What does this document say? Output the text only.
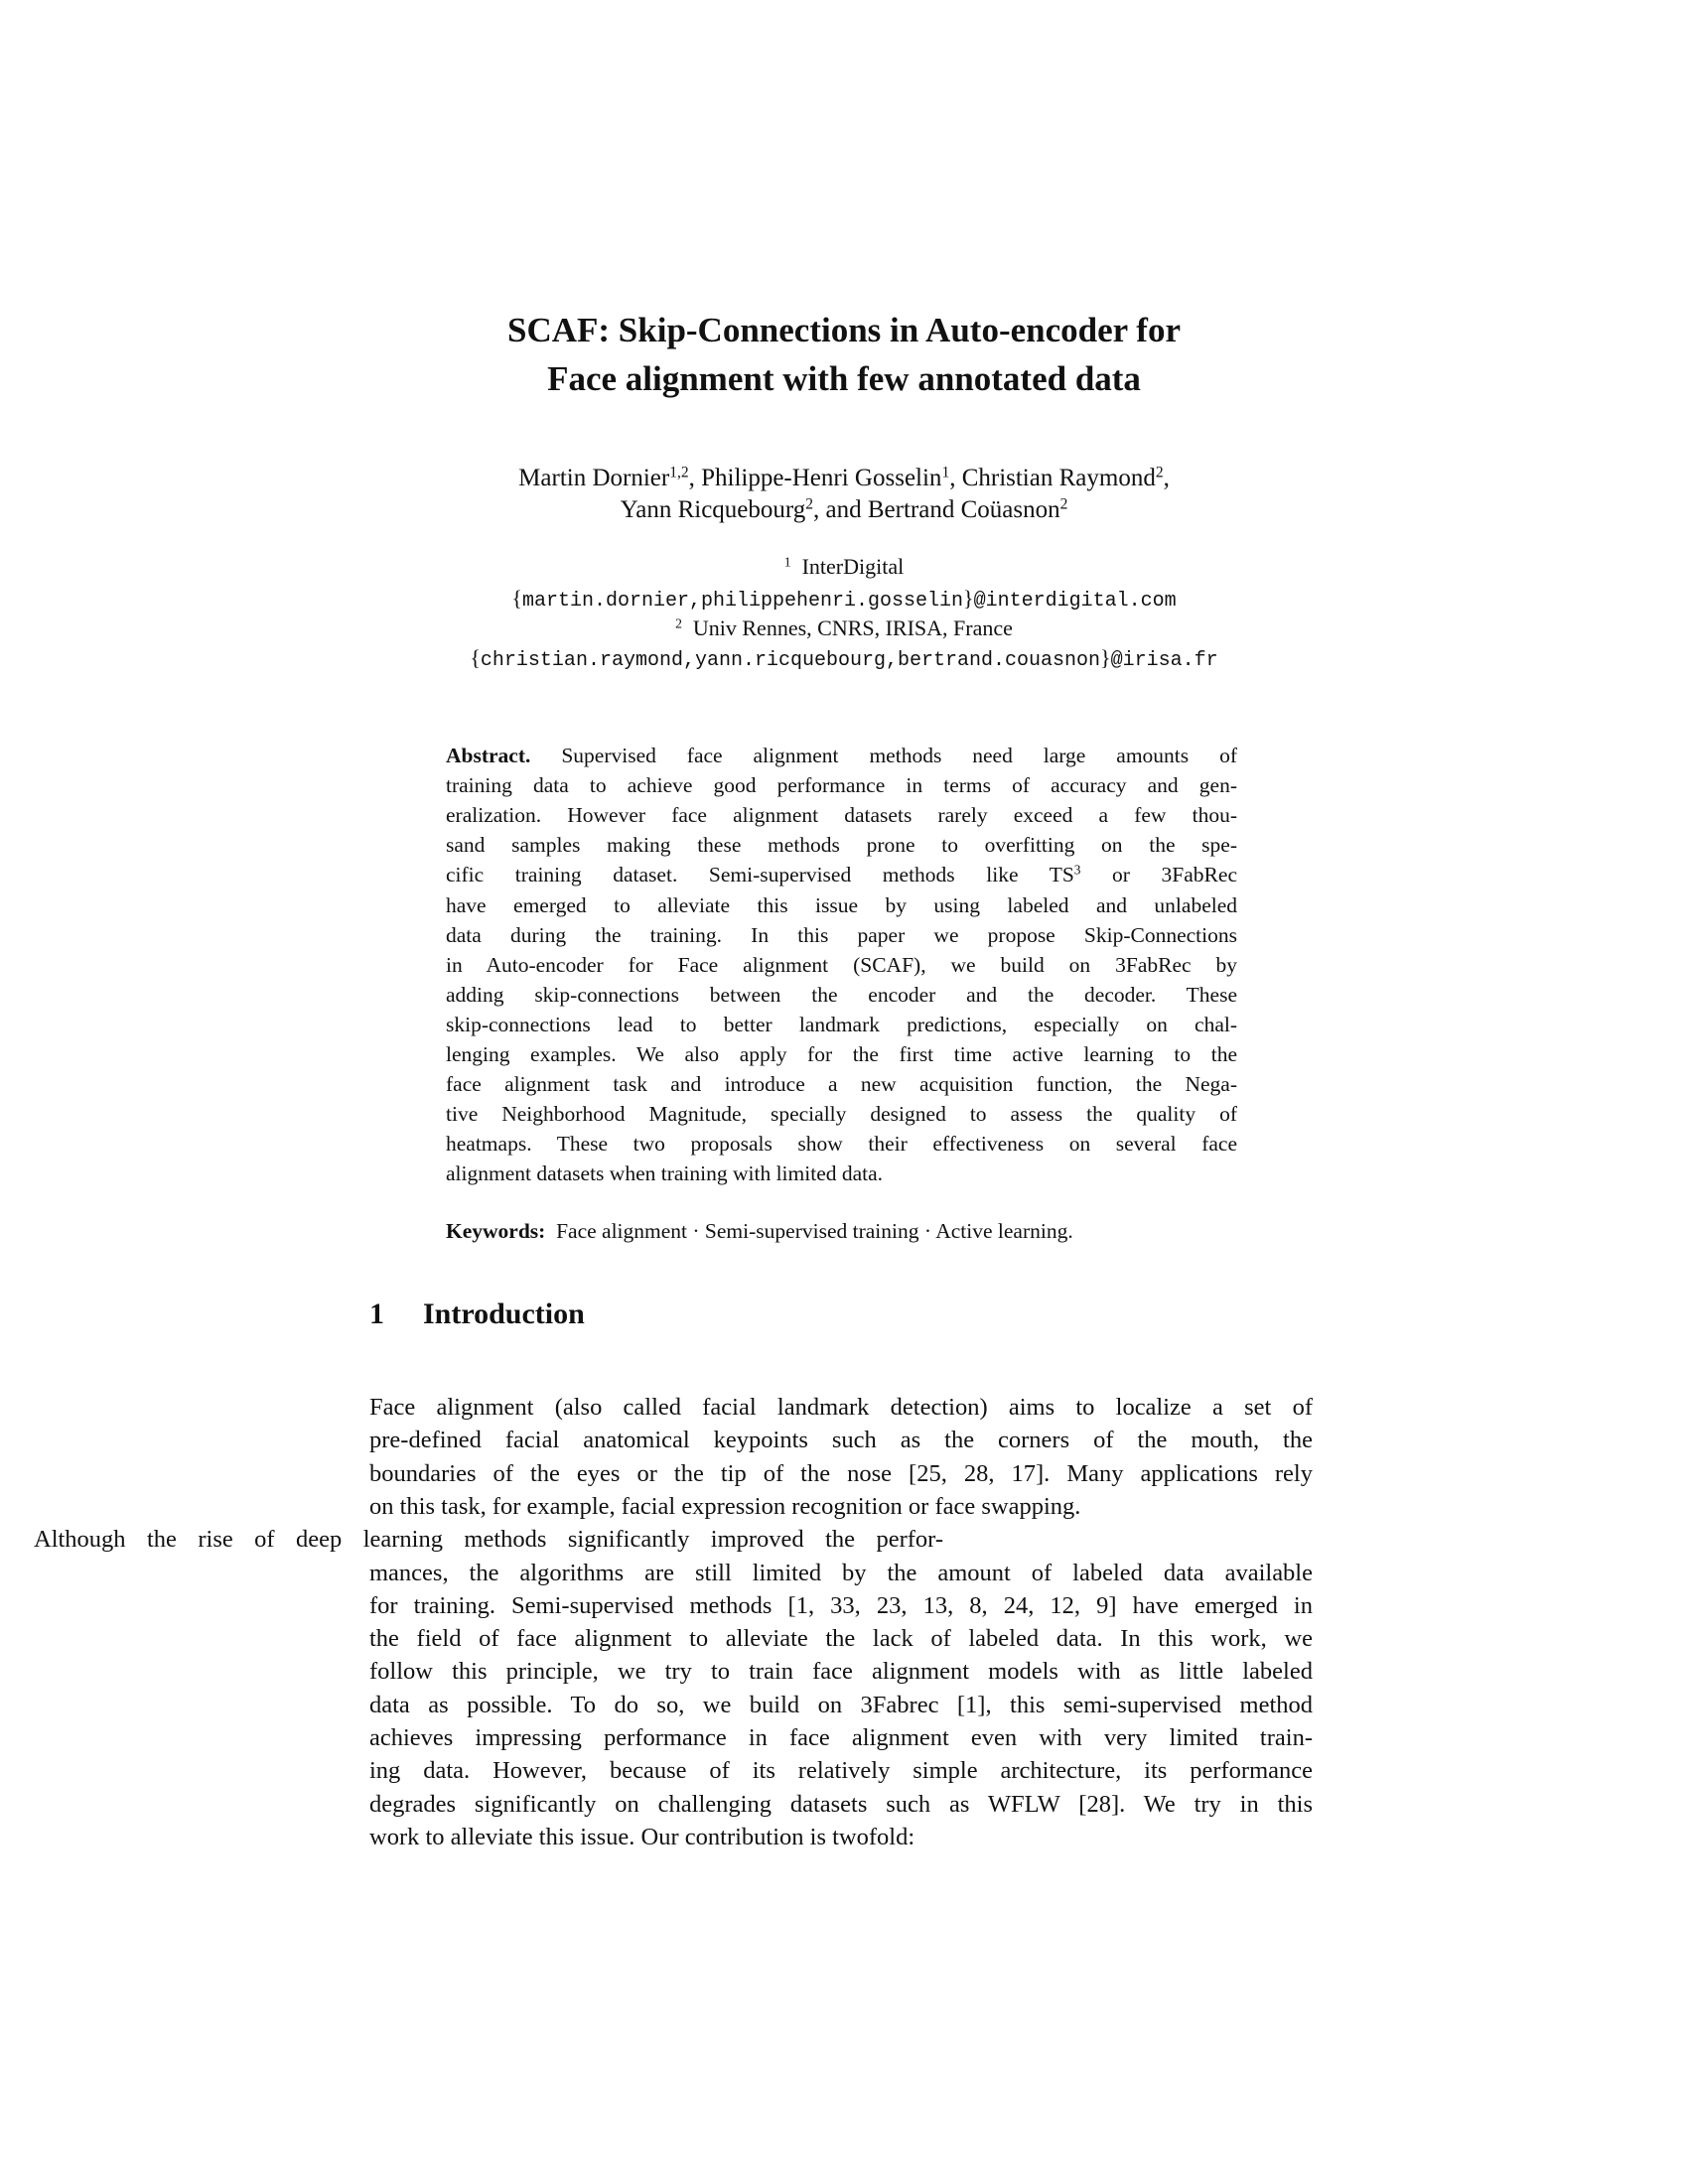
SCAF: Skip-Connections in Auto-encoder for
Face alignment with few annotated data
Martin Dornier$^{1,2}$, Philippe-Henri Gosselin$^1$, Christian Raymond$^2$,
Yann Ricquebourg$^2$, and Bertrand Coüasnon$^2$
$^1$  InterDigital
{martin.dornier,philippehenri.gosselin}@interdigital.com
$^2$  Univ Rennes, CNRS, IRISA, France
{christian.raymond,yann.ricquebourg,bertrand.couasnon}@irisa.fr
Abstract. Supervised face alignment methods need large amounts of
training data to achieve good performance in terms of accuracy and gen-
eralization. However face alignment datasets rarely exceed a few thou-
sand samples making these methods prone to overfitting on the spe-
cific training dataset. Semi-supervised methods like $TS^3$ or 3FabRec
have emerged to alleviate this issue by using labeled and unlabeled
data during the training. In this paper we propose Skip-Connections
in Auto-encoder for Face alignment (SCAF), we build on 3FabRec by
adding skip-connections between the encoder and the decoder. These
skip-connections lead to better landmark predictions, especially on chal-
lenging examples. We also apply for the first time active learning to the
face alignment task and introduce a new acquisition function, the Nega-
tive Neighborhood Magnitude, specially designed to assess the quality of
heatmaps. These two proposals show their effectiveness on several face
alignment datasets when training with limited data.
Keywords:  Face alignment · Semi-supervised training · Active learning.
1 Introduction
Face alignment (also called facial landmark detection) aims to localize a set of
pre-defined facial anatomical keypoints such as the corners of the mouth, the
boundaries of the eyes or the tip of the nose [25, 28, 17]. Many applications rely
on this task, for example, facial expression recognition or face swapping.
Although the rise of deep learning methods significantly improved the perfor-
mances, the algorithms are still limited by the amount of labeled data available
for training. Semi-supervised methods [1, 33, 23, 13, 8, 24, 12, 9] have emerged in
the field of face alignment to alleviate the lack of labeled data. In this work, we
follow this principle, we try to train face alignment models with as little labeled
data as possible. To do so, we build on 3Fabrec [1], this semi-supervised method
achieves impressing performance in face alignment even with very limited train-
ing data. However, because of its relatively simple architecture, its performance
degrades significantly on challenging datasets such as WFLW [28]. We try in this
work to alleviate this issue. Our contribution is twofold:
